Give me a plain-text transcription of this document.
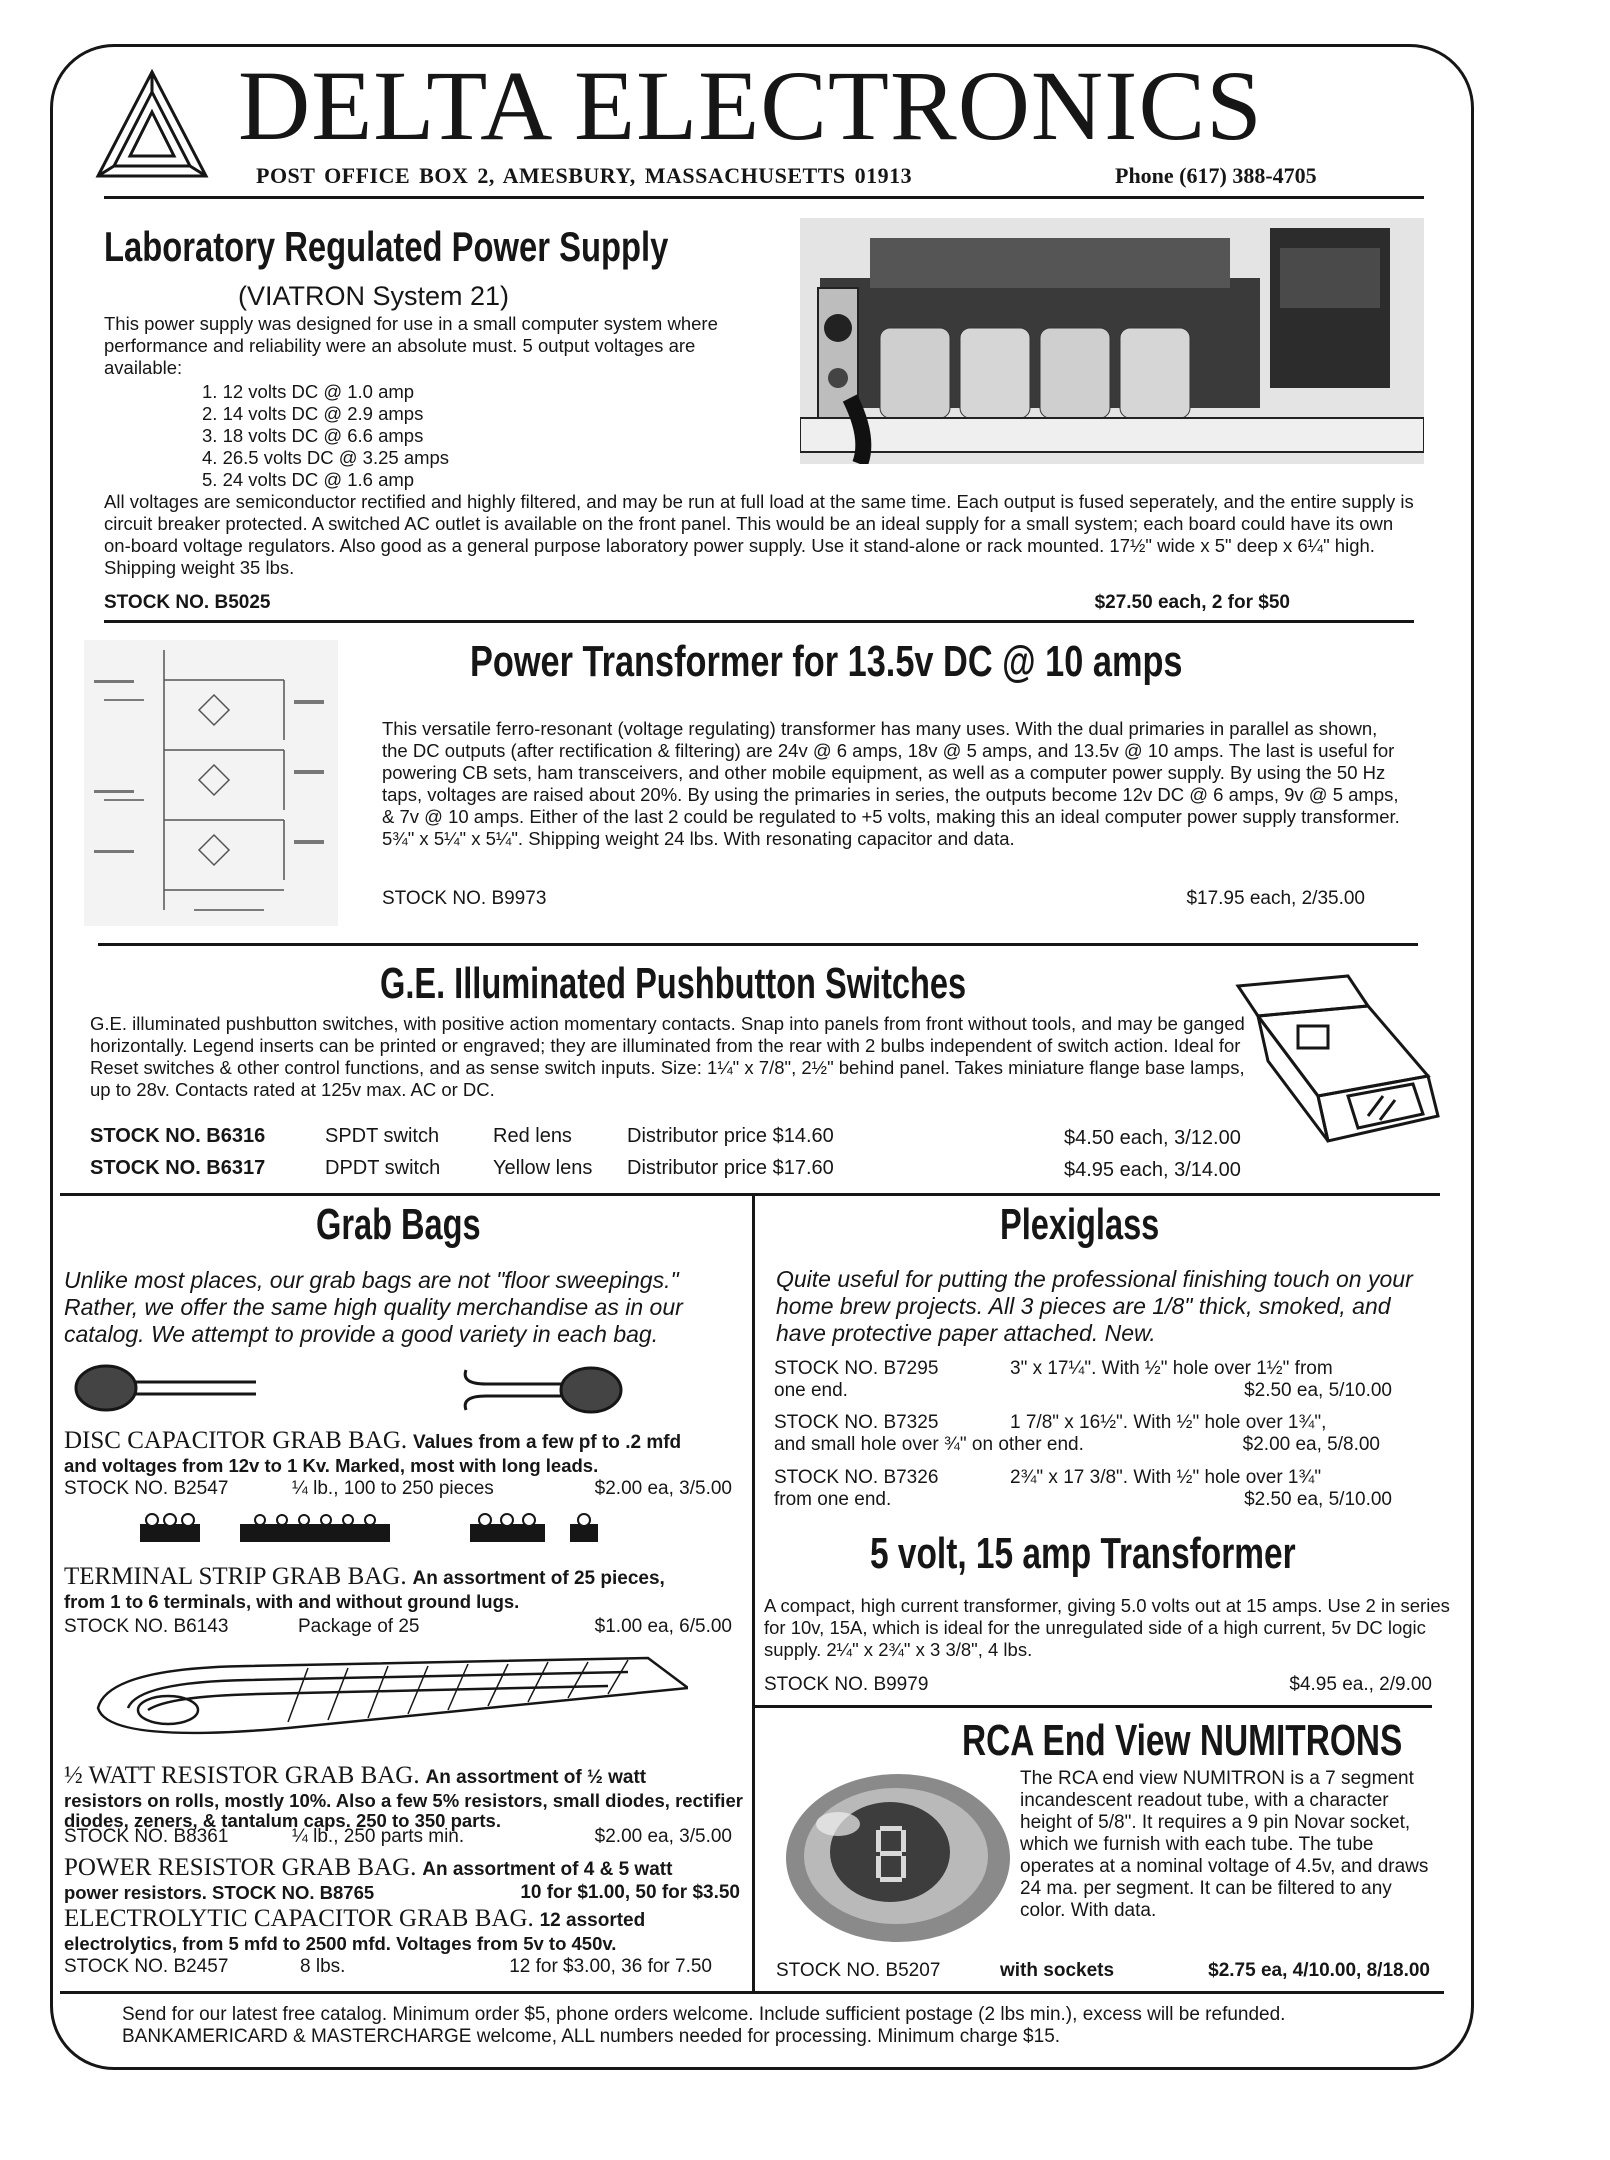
DELTA ELECTRONICS
POST OFFICE BOX 2, AMESBURY, MASSACHUSETTS 01913	Phone (617) 388-4705
Laboratory Regulated Power Supply
(VIATRON System 21)
This power supply was designed for use in a small computer system where performance and reliability were an absolute must. 5 output voltages are available:
1. 12 volts DC @ 1.0 amp
2. 14 volts DC @ 2.9 amps
3. 18 volts DC @ 6.6 amps
4. 26.5 volts DC @ 3.25 amps
5. 24 volts DC @ 1.6 amp
All voltages are semiconductor rectified and highly filtered, and may be run at full load at the same time. Each output is fused seperately, and the entire supply is circuit breaker protected. A switched AC outlet is available on the front panel. This would be an ideal supply for a small system; each board could have its own on-board voltage regulators. Also good as a general purpose laboratory power supply. Use it stand-alone or rack mounted. 17½" wide x 5" deep x 6¼" high. Shipping weight 35 lbs.
STOCK NO. B5025	$27.50 each, 2 for $50
Power Transformer for 13.5v DC @ 10 amps
This versatile ferro-resonant (voltage regulating) transformer has many uses. With the dual primaries in parallel as shown, the DC outputs (after rectification & filtering) are 24v @ 6 amps, 18v @ 5 amps, and 13.5v @ 10 amps. The last is useful for powering CB sets, ham transceivers, and other mobile equipment, as well as a computer power supply. By using the 50 Hz taps, voltages are raised about 20%. By using the primaries in series, the outputs become 12v DC @ 6 amps, 9v @ 5 amps, & 7v @ 10 amps. Either of the last 2 could be regulated to +5 volts, making this an ideal computer power supply transformer. 5¾" x 5¼" x 5¼". Shipping weight 24 lbs. With resonating capacitor and data.
STOCK NO. B9973	$17.95 each, 2/35.00
G.E. Illuminated Pushbutton Switches
G.E. illuminated pushbutton switches, with positive action momentary contacts. Snap into panels from front without tools, and may be ganged horizontally. Legend inserts can be printed or engraved; they are illuminated from the rear with 2 bulbs independent of switch action. Ideal for Reset switches & other control functions, and as sense switch inputs. Size: 1¼" x 7/8", 2½" behind panel. Takes miniature flange base lamps, up to 28v. Contacts rated at 125v max. AC or DC.
STOCK NO. B6316	SPDT switch	Red lens	Distributor price $14.60	$4.50 each, 3/12.00
STOCK NO. B6317	DPDT switch	Yellow lens Distributor price $17.60	$4.95 each, 3/14.00
Grab Bags
Unlike most places, our grab bags are not "floor sweepings." Rather, we offer the same high quality merchandise as in our catalog. We attempt to provide a good variety in each bag.
DISC CAPACITOR GRAB BAG. Values from a few pf to .2 mfd
and voltages from 12v to 1 Kv. Marked, most with long leads.
STOCK NO. B2547	¼ lb., 100 to 250 pieces	$2.00 ea, 3/5.00
TERMINAL STRIP GRAB BAG. An assortment of 25 pieces,
from 1 to 6 terminals, with and without ground lugs.
STOCK NO. B6143	Package of 25	$1.00 ea, 6/5.00
½ WATT RESISTOR GRAB BAG. An assortment of ½ watt
resistors on rolls, mostly 10%. Also a few 5% resistors, small diodes, rectifier diodes, zeners, & tantalum caps. 250 to 350 parts.
STOCK NO. B8361	¼ lb., 250 parts min.	$2.00 ea, 3/5.00
POWER RESISTOR GRAB BAG. An assortment of 4 & 5 watt
power resistors. STOCK NO. B8765	10 for $1.00, 50 for $3.50
ELECTROLYTIC CAPACITOR GRAB BAG. 12 assorted
electrolytics, from 5 mfd to 2500 mfd. Voltages from 5v to 450v.
STOCK NO. B2457	8 lbs.	12 for $3.00, 36 for 7.50
Plexiglass
Quite useful for putting the professional finishing touch on your home brew projects. All 3 pieces are 1/8" thick, smoked, and have protective paper attached. New.
STOCK NO. B7295	3" x 17¼". With ½" hole over 1½" from
one end.	$2.50 ea, 5/10.00
STOCK NO. B7325	1 7/8" x 16½". With ½" hole over 1¾",
and small hole over ¾" on other end.	$2.00 ea, 5/8.00
STOCK NO. B7326	2¾" x 17 3/8". With ½" hole over 1¾"
from one end.	$2.50 ea, 5/10.00
5 volt, 15 amp Transformer
A compact, high current transformer, giving 5.0 volts out at 15 amps. Use 2 in series for 10v, 15A, which is ideal for the unregulated side of a high current, 5v DC logic supply. 2¼" x 2¾" x 3 3/8", 4 lbs.
STOCK NO. B9979	$4.95 ea., 2/9.00
RCA End View NUMITRONS
The RCA end view NUMITRON is a 7 segment incandescent readout tube, with a character height of 5/8". It requires a 9 pin Novar socket, which we furnish with each tube. The tube operates at a nominal voltage of 4.5v, and draws 24 ma. per segment. It can be filtered to any color. With data.
STOCK NO. B5207	with sockets	$2.75 ea, 4/10.00, 8/18.00
Send for our latest free catalog. Minimum order $5, phone orders welcome. Include sufficient postage (2 lbs min.), excess will be refunded. BANKAMERICARD & MASTERCHARGE welcome, ALL numbers needed for processing. Minimum charge $15.
